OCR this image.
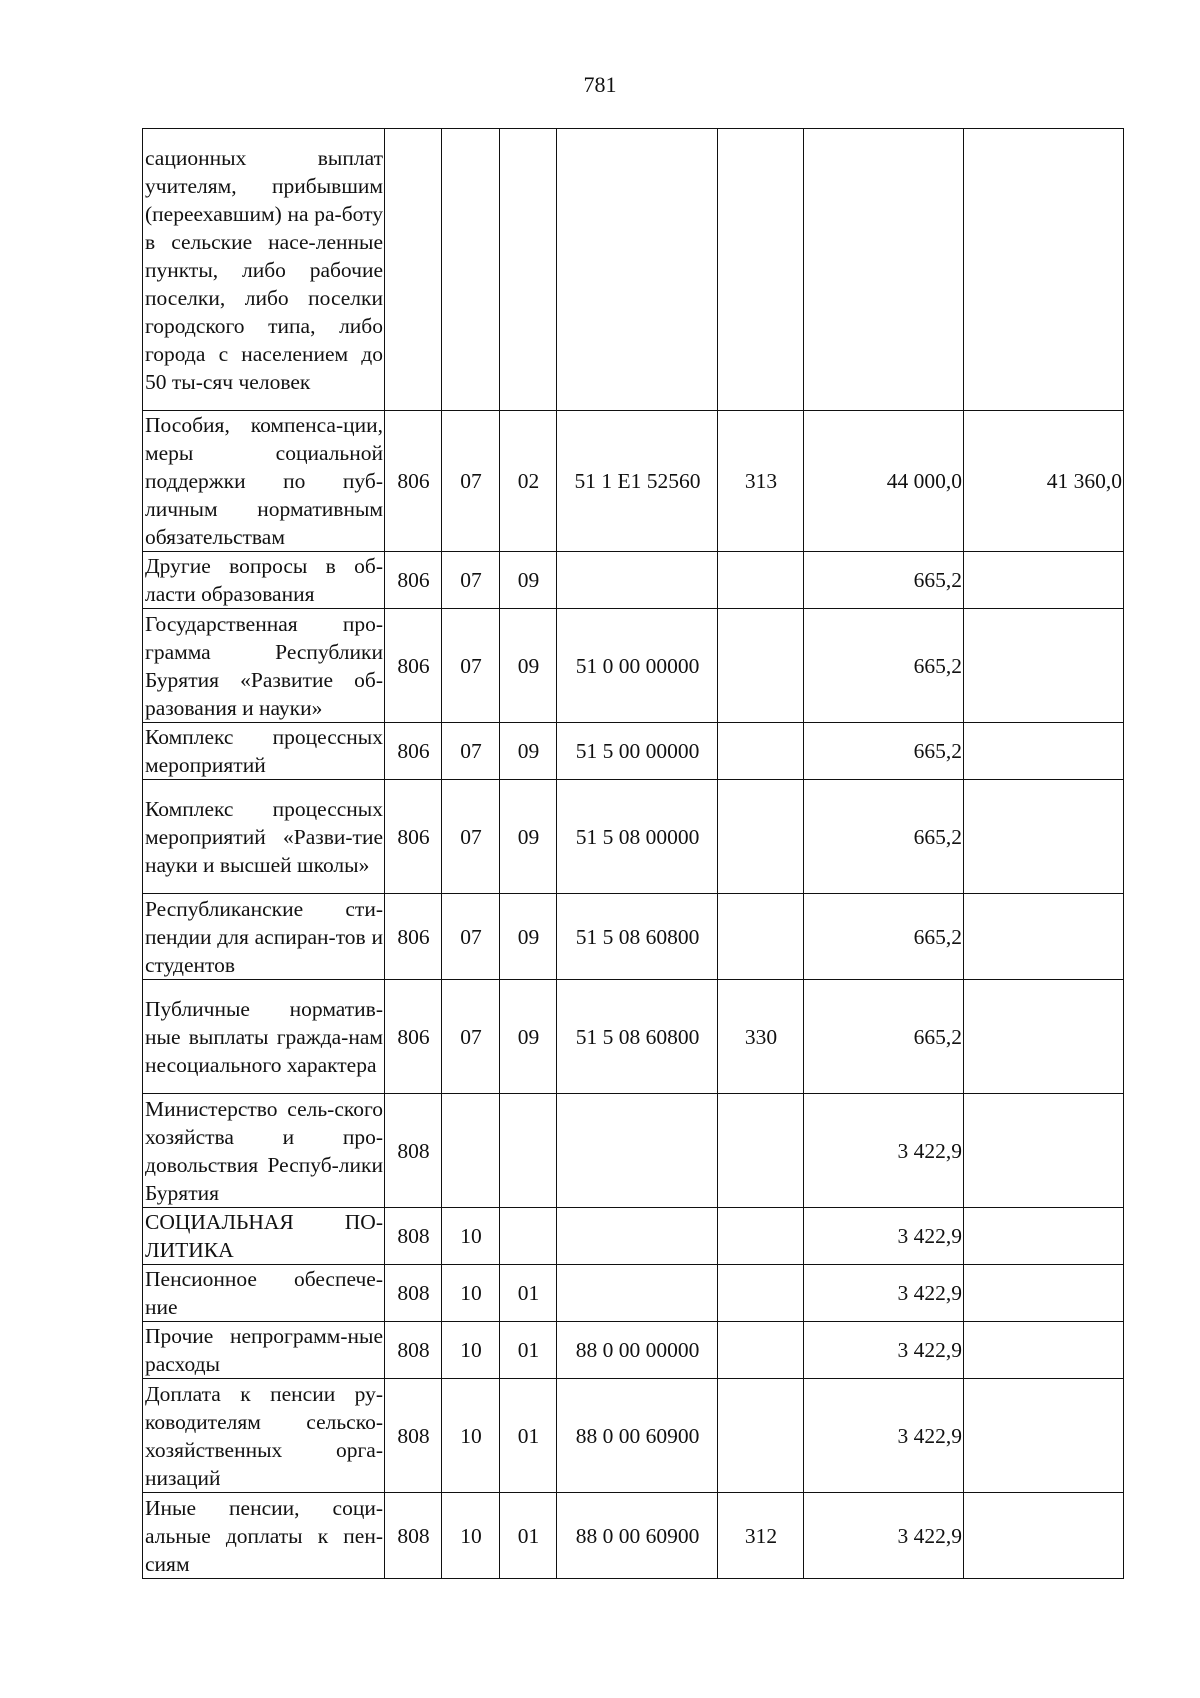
781
сационных выплат учителям, прибывшим (переехавшим) на ра-боту в сельские насе-ленные пункты, либо рабочие поселки, либо поселки городского типа, либо города с населением до 50 ты-сяч человек							
Пособия, компенса-ции, меры социальной поддержки по пуб-личным нормативным обязательствам	806	07	02	51 1 E1 52560	313	44 000,0	41 360,0
Другие вопросы в об-ласти образования	806	07	09			665,2	
Государственная про-грамма Республики Бурятия «Развитие об-разования и науки»	806	07	09	51 0 00 00000		665,2	
Комплекс процессных мероприятий	806	07	09	51 5 00 00000		665,2	
Комплекс процессных мероприятий «Разви-тие науки и высшей школы»	806	07	09	51 5 08 00000		665,2	
Республиканские сти-пендии для аспиран-тов и студентов	806	07	09	51 5 08 60800		665,2	
Публичные норматив-ные выплаты гражда-нам несоциального характера	806	07	09	51 5 08 60800	330	665,2	
Министерство сель-ского хозяйства и про-довольствия Респуб-лики Бурятия	808					3 422,9	
СОЦИАЛЬНАЯ ПО-ЛИТИКА	808	10				3 422,9	
Пенсионное обеспече-ние	808	10	01			3 422,9	
Прочие непрограмм-ные расходы	808	10	01	88 0 00 00000		3 422,9	
Доплата к пенсии ру-ководителям сельско-хозяйственных орга-низаций	808	10	01	88 0 00 60900		3 422,9	
Иные пенсии, соци-альные доплаты к пен-сиям	808	10	01	88 0 00 60900	312	3 422,9	
